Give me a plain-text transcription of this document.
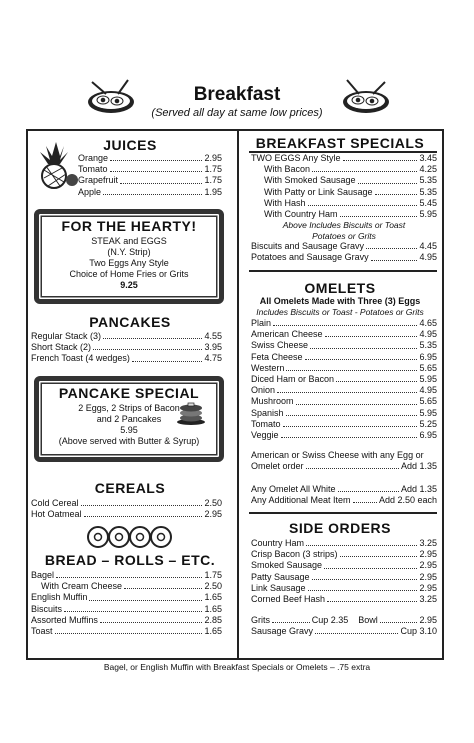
Breakfast
(Served all day at same low prices)
JUICES
Orange	2.95
Tomato	1.75
Grapefruit	1.75
Apple	1.95
FOR THE HEARTY!
STEAK and EGGS
(N.Y. Strip)
Two Eggs Any Style
Choice of Home Fries or Grits
9.25
PANCAKES
Regular Stack (3)	4.55
Short Stack (2)	3.95
French Toast (4 wedges)	4.75
PANCAKE SPECIAL
2 Eggs, 2 Strips of Bacon
and 2 Pancakes
5.95
(Above served with Butter & Syrup)
CEREALS
Cold Cereal	2.50
Hot Oatmeal	2.95
BREAD – ROLLS – ETC.
Bagel	1.75
With Cream Cheese	2.50
English Muffin	1.65
Biscuits	1.65
Assorted Muffins	2.85
Toast	1.65
BREAKFAST SPECIALS
TWO EGGS Any Style	3.45
With Bacon	4.25
With Smoked Sausage	5.35
With Patty or Link Sausage	5.35
With Hash	5.45
With Country Ham	5.95
Above Includes Biscuits or Toast Potatoes or Grits
Biscuits and Sausage Gravy	4.45
Potatoes and Sausage Gravy	4.95
OMELETS
All Omelets Made with Three (3) Eggs
Includes Biscuits or Toast - Potatoes or Grits
Plain	4.65
American Cheese	4.95
Swiss Cheese	5.35
Feta Cheese	6.95
Western	5.65
Diced Ham or Bacon	5.95
Onion	4.95
Mushroom	5.65
Spanish	5.95
Tomato	5.25
Veggie	6.95
American or Swiss Cheese with any Egg or
Omelet order	Add 1.35
Any Omelet All White	Add 1.35
Any Additional Meat Item	Add 2.50 each
SIDE ORDERS
Country Ham	3.25
Crisp Bacon (3 strips)	2.95
Smoked Sausage	2.95
Patty Sausage	2.95
Link Sausage	2.95
Corned Beef Hash	3.25
Grits	Cup 2.35 Bowl	2.95
Sausage Gravy	Cup 3.10
Bagel, or English Muffin with Breakfast Specials or Omelets – .75 extra
